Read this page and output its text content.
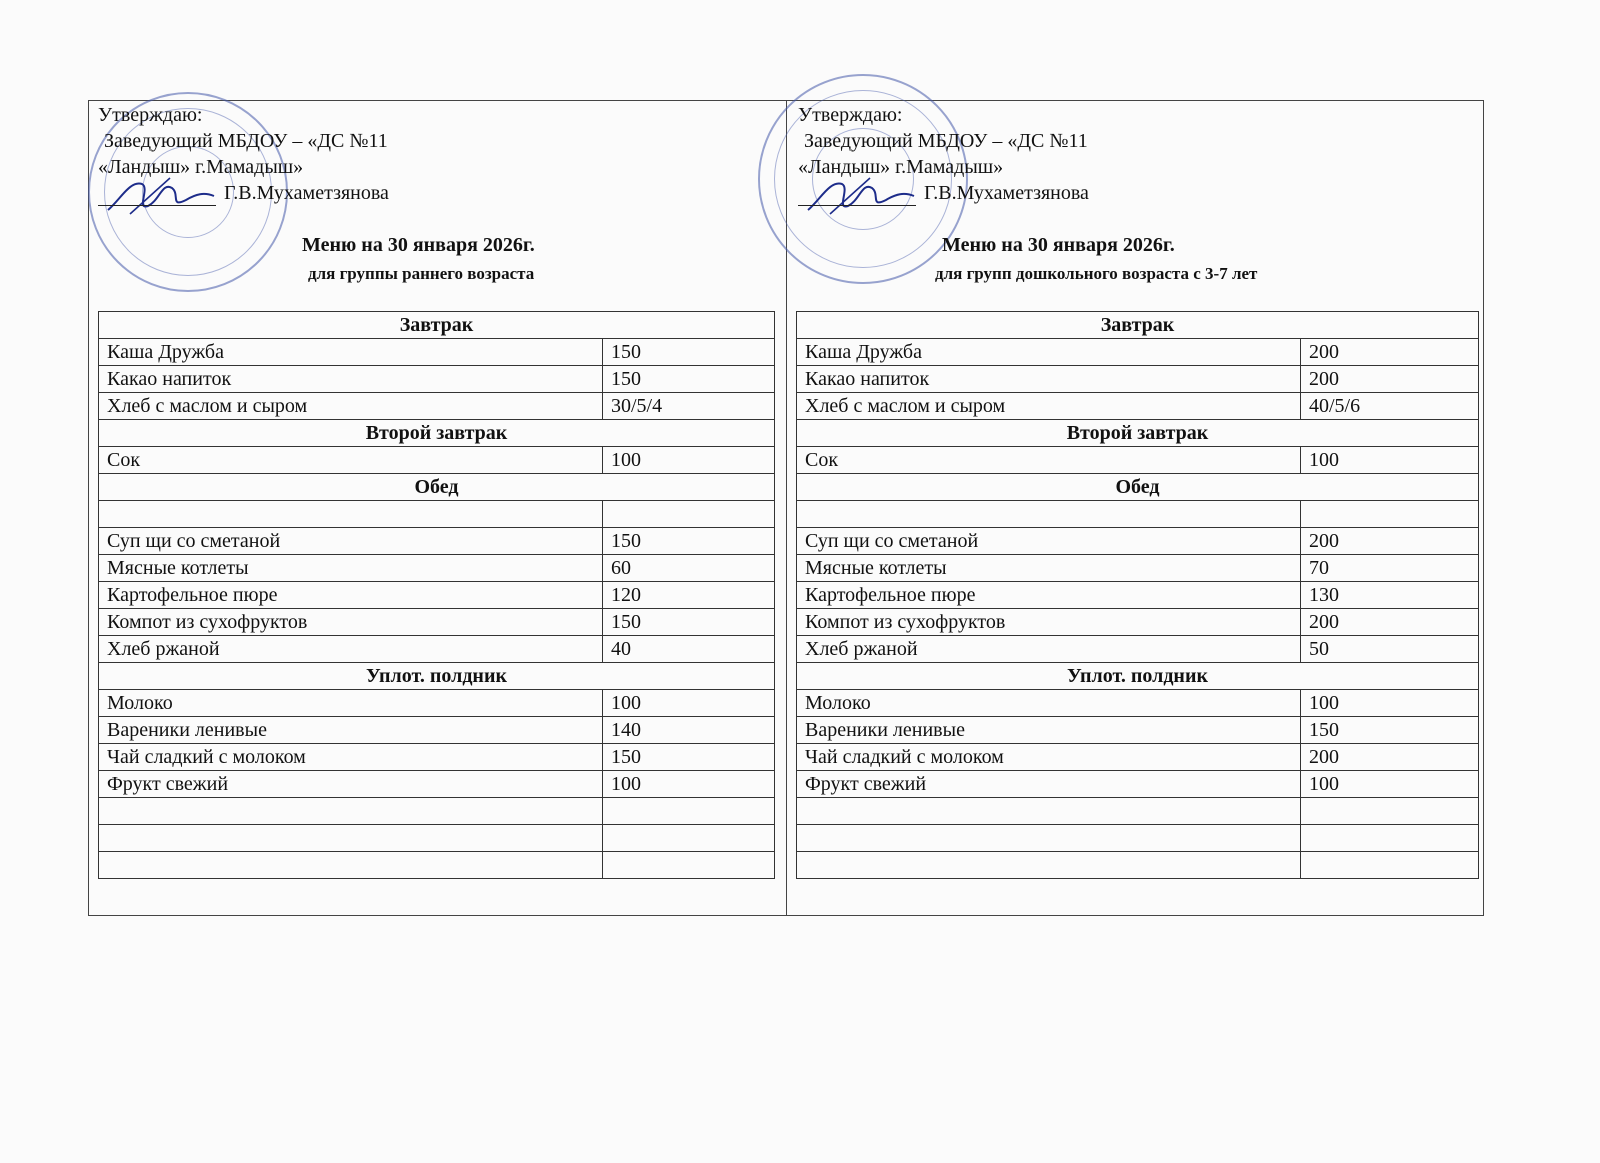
Утверждаю:
Заведующий МБДОУ – «ДС №11
«Ландыш» г.Мамадыш»
Г.В.Мухаметзянова
Меню на 30 января 2026г.
для группы раннего возраста
Утверждаю:
Заведующий МБДОУ – «ДС №11
«Ландыш» г.Мамадыш»
Г.В.Мухаметзянова
Меню на 30 января 2026г.
для групп дошкольного возраста с 3-7 лет
Завтрак	
Каша Дружба	150
Какао напиток	150
Хлеб с маслом и сыром	30/5/4
Второй завтрак	
Сок	100
Обед	

Суп щи со сметаной	150
Мясные котлеты	60
Картофельное пюре	120
Компот из сухофруктов	150
Хлеб ржаной	40
Уплот. полдник	
Молоко	100
Вареники ленивые	140
Чай сладкий с молоком	150
Фрукт свежий	100

Завтрак	
Каша Дружба	200
Какао напиток	200
Хлеб с маслом и сыром	40/5/6
Второй завтрак	
Сок	100
Обед	

Суп щи со сметаной	200
Мясные котлеты	70
Картофельное пюре	130
Компот из сухофруктов	200
Хлеб ржаной	50
Уплот. полдник	
Молоко	100
Вареники ленивые	150
Чай сладкий с молоком	200
Фрукт свежий	100
